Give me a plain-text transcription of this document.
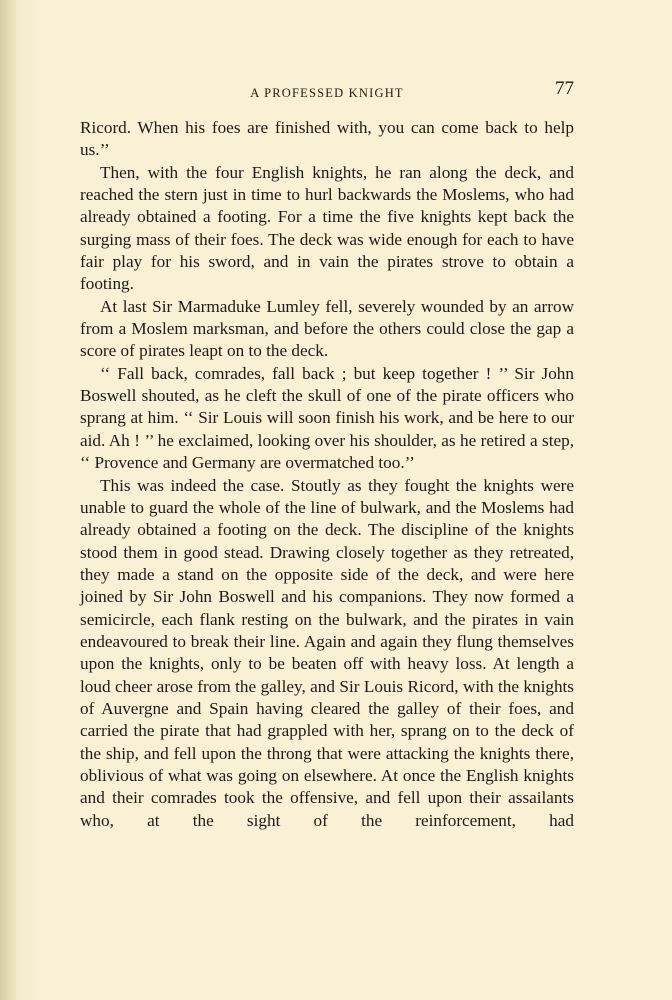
A PROFESSED KNIGHT	77

Ricord. When his foes are finished with, you can come back to help us.’’

Then, with the four English knights, he ran along the deck, and reached the stern just in time to hurl backwards the Moslems, who had already obtained a footing. For a time the five knights kept back the surging mass of their foes. The deck was wide enough for each to have fair play for his sword, and in vain the pirates strove to obtain a footing.

At last Sir Marmaduke Lumley fell, severely wounded by an arrow from a Moslem marksman, and before the others could close the gap a score of pirates leapt on to the deck.

‘‘ Fall back, comrades, fall back ; but keep together ! ’’ Sir John Boswell shouted, as he cleft the skull of one of the pirate officers who sprang at him. ‘‘ Sir Louis will soon finish his work, and be here to our aid. Ah ! ’’ he exclaimed, looking over his shoulder, as he retired a step, ‘‘ Provence and Germany are overmatched too.’’

This was indeed the case. Stoutly as they fought the knights were unable to guard the whole of the line of bulwark, and the Moslems had already obtained a footing on the deck. The discipline of the knights stood them in good stead. Drawing closely together as they retreated, they made a stand on the opposite side of the deck, and were here joined by Sir John Boswell and his companions. They now formed a semicircle, each flank resting on the bulwark, and the pirates in vain endeavoured to break their line. Again and again they flung themselves upon the knights, only to be beaten off with heavy loss. At length a loud cheer arose from the galley, and Sir Louis Ricord, with the knights of Auvergne and Spain having cleared the galley of their foes, and carried the pirate that had grappled with her, sprang on to the deck of the ship, and fell upon the throng that were attacking the knights there, oblivious of what was going on elsewhere. At once the English knights and their comrades took the offensive, and fell upon their assailants who, at the sight of the reinforcement, had
